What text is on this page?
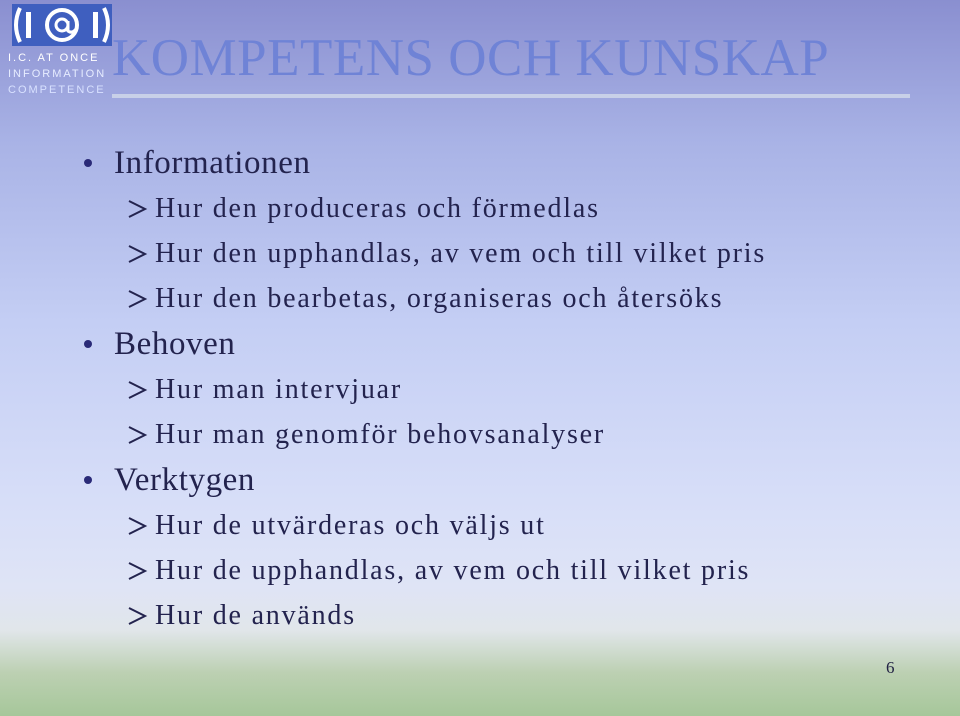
I.C. AT ONCE
INFORMATION
COMPETENCE
KOMPETENS OCH KUNSKAP
Informationen
Hur den produceras och förmedlas
Hur den upphandlas, av vem och till vilket pris
Hur den bearbetas, organiseras och återsöks
Behoven
Hur man intervjuar
Hur man genomför behovsanalyser
Verktygen
Hur de utvärderas och väljs ut
Hur de upphandlas, av vem och till vilket pris
Hur de används
6
